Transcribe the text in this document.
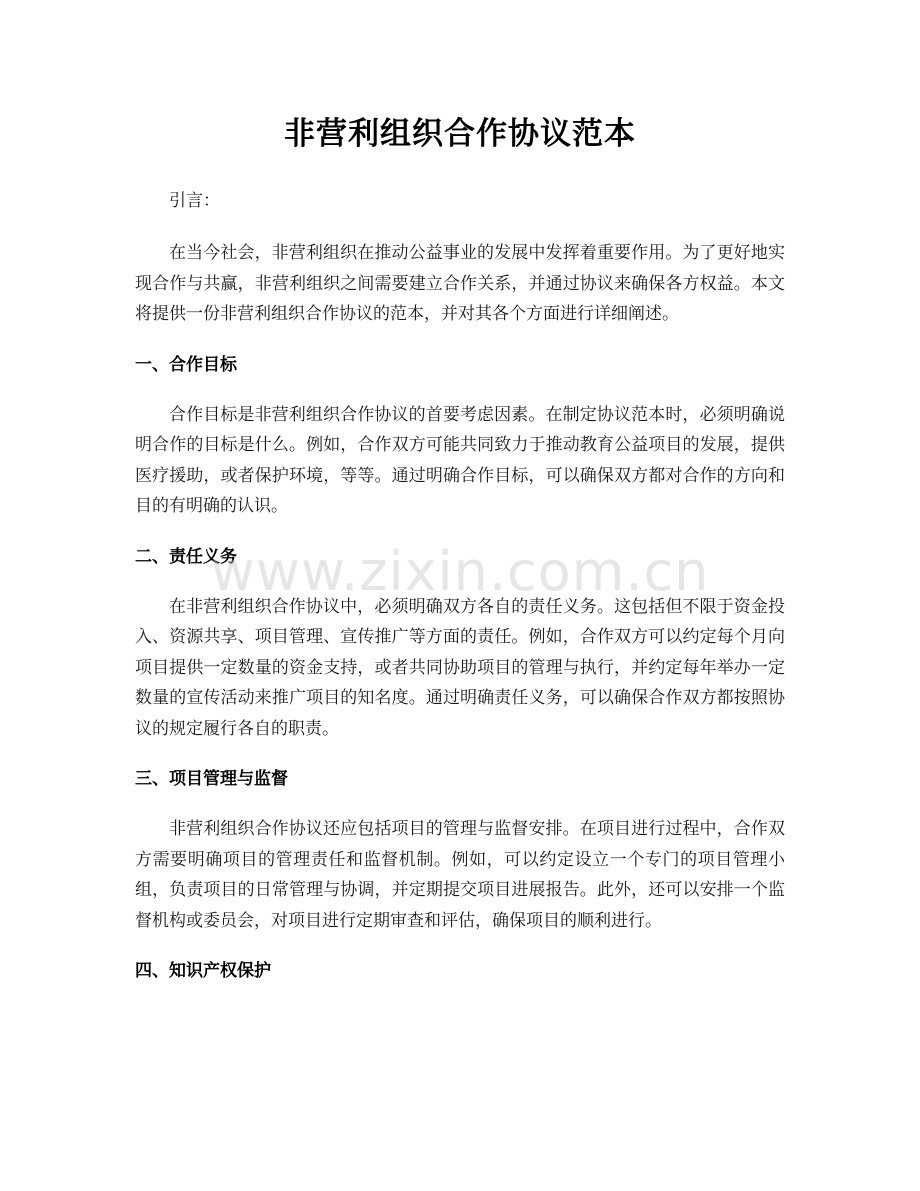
非营利组织合作协议范本

引言：

在当今社会，非营利组织在推动公益事业的发展中发挥着重要作用。为了更好地实现合作与共赢，非营利组织之间需要建立合作关系，并通过协议来确保各方权益。本文将提供一份非营利组织合作协议的范本，并对其各个方面进行详细阐述。

一、合作目标

合作目标是非营利组织合作协议的首要考虑因素。在制定协议范本时，必须明确说明合作的目标是什么。例如，合作双方可能共同致力于推动教育公益项目的发展，提供医疗援助，或者保护环境，等等。通过明确合作目标，可以确保双方都对合作的方向和目的有明确的认识。

二、责任义务

在非营利组织合作协议中，必须明确双方各自的责任义务。这包括但不限于资金投入、资源共享、项目管理、宣传推广等方面的责任。例如，合作双方可以约定每个月向项目提供一定数量的资金支持，或者共同协助项目的管理与执行，并约定每年举办一定数量的宣传活动来推广项目的知名度。通过明确责任义务，可以确保合作双方都按照协议的规定履行各自的职责。

三、项目管理与监督

非营利组织合作协议还应包括项目的管理与监督安排。在项目进行过程中，合作双方需要明确项目的管理责任和监督机制。例如，可以约定设立一个专门的项目管理小组，负责项目的日常管理与协调，并定期提交项目进展报告。此外，还可以安排一个监督机构或委员会，对项目进行定期审查和评估，确保项目的顺利进行。

四、知识产权保护

www.zixin.com.cn
